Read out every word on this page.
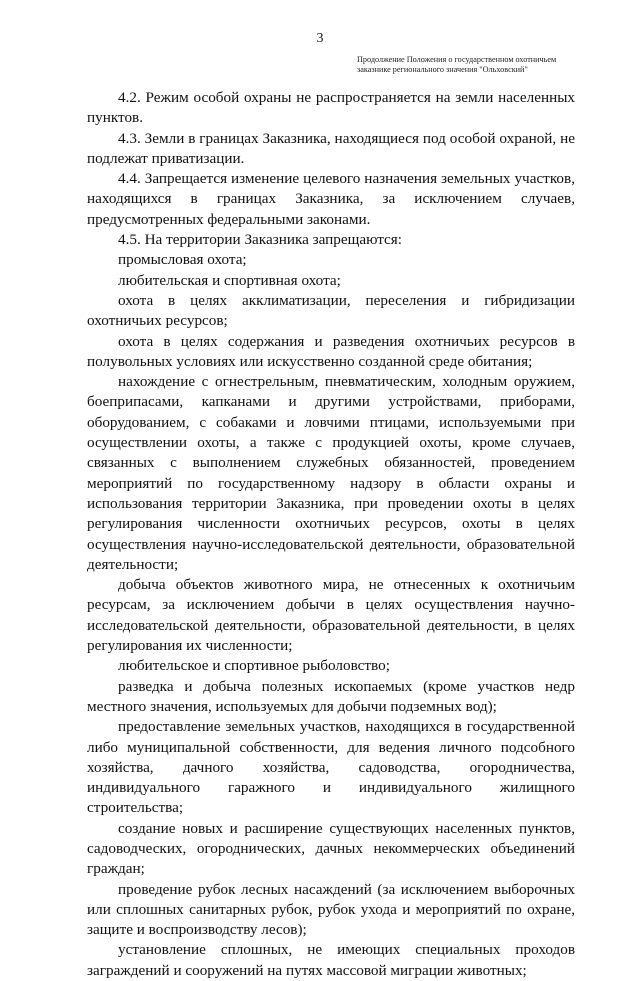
3
Продолжение Положения о государственном охотничьем
заказнике регионального значения "Ольховский"

4.2. Режим особой охраны не распространяется на земли населенных пунктов.

4.3. Земли в границах Заказника, находящиеся под особой охраной, не подлежат приватизации.

4.4. Запрещается изменение целевого назначения земельных участков, находящихся в границах Заказника, за исключением случаев, предусмотренных федеральными законами.

4.5. На территории Заказника запрещаются:

промысловая охота;

любительская и спортивная охота;

охота в целях акклиматизации, переселения и гибридизации охотничьих ресурсов;

охота в целях содержания и разведения охотничьих ресурсов в полувольных условиях или искусственно созданной среде обитания;

нахождение с огнестрельным, пневматическим, холодным оружием, боеприпасами, капканами и другими устройствами, приборами, оборудованием, с собаками и ловчими птицами, используемыми при осуществлении охоты, а также с продукцией охоты, кроме случаев, связанных с выполнением служебных обязанностей, проведением мероприятий по государственному надзору в области охраны и использования территории Заказника, при проведении охоты в целях регулирования численности охотничьих ресурсов, охоты в целях осуществления научно-исследовательской деятельности, образовательной деятельности;

добыча объектов животного мира, не отнесенных к охотничьим ресурсам, за исключением добычи в целях осуществления научно-исследовательской деятельности, образовательной деятельности, в целях регулирования их численности;

любительское и спортивное рыболовство;

разведка и добыча полезных ископаемых (кроме участков недр местного значения, используемых для добычи подземных вод);

предоставление земельных участков, находящихся в государственной либо муниципальной собственности, для ведения личного подсобного хозяйства, дачного хозяйства, садоводства, огородничества, индивидуального гаражного и индивидуального жилищного строительства;

создание новых и расширение существующих населенных пунктов, садоводческих, огороднических, дачных некоммерческих объединений граждан;

проведение рубок лесных насаждений (за исключением выборочных или сплошных санитарных рубок, рубок ухода и мероприятий по охране, защите и воспроизводству лесов);

установление сплошных, не имеющих специальных проходов заграждений и сооружений на путях массовой миграции животных;
